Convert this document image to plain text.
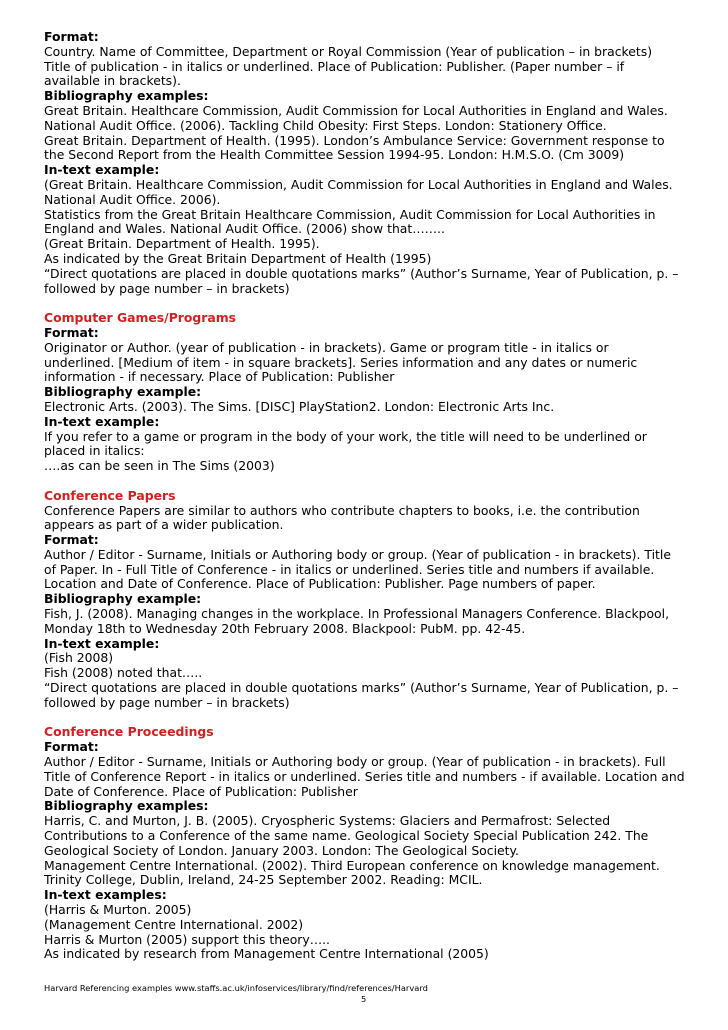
Format:
Country. Name of Committee, Department or Royal Commission (Year of publication – in brackets)
Title of publication - in italics or underlined. Place of Publication: Publisher. (Paper number – if
available in brackets).
Bibliography examples:
Great Britain. Healthcare Commission, Audit Commission for Local Authorities in England and Wales.
National Audit Office. (2006). Tackling Child Obesity: First Steps. London: Stationery Office.
Great Britain. Department of Health. (1995). London’s Ambulance Service: Government response to
the Second Report from the Health Committee Session 1994-95. London: H.M.S.O. (Cm 3009)
In-text example:
(Great Britain. Healthcare Commission, Audit Commission for Local Authorities in England and Wales.
National Audit Office. 2006).
Statistics from the Great Britain Healthcare Commission, Audit Commission for Local Authorities in
England and Wales. National Audit Office. (2006) show that……..
(Great Britain. Department of Health. 1995).
As indicated by the Great Britain Department of Health (1995)
“Direct quotations are placed in double quotations marks” (Author’s Surname, Year of Publication, p. –
followed by page number – in brackets)
Computer Games/Programs
Format:
Originator or Author. (year of publication - in brackets). Game or program title - in italics or
underlined. [Medium of item - in square brackets]. Series information and any dates or numeric
information - if necessary. Place of Publication: Publisher
Bibliography example:
Electronic Arts. (2003). The Sims. [DISC] PlayStation2. London: Electronic Arts Inc.
In-text example:
If you refer to a game or program in the body of your work, the title will need to be underlined or
placed in italics:
….as can be seen in The Sims (2003)
Conference Papers
Conference Papers are similar to authors who contribute chapters to books, i.e. the contribution
appears as part of a wider publication.
Format:
Author / Editor - Surname, Initials or Authoring body or group. (Year of publication - in brackets). Title
of Paper. In - Full Title of Conference - in italics or underlined. Series title and numbers if available.
Location and Date of Conference. Place of Publication: Publisher. Page numbers of paper.
Bibliography example:
Fish, J. (2008). Managing changes in the workplace. In Professional Managers Conference. Blackpool,
Monday 18th to Wednesday 20th February 2008. Blackpool: PubM. pp. 42-45.
In-text example:
(Fish 2008)
Fish (2008) noted that…..
“Direct quotations are placed in double quotations marks” (Author’s Surname, Year of Publication, p. –
followed by page number – in brackets)
Conference Proceedings
Format:
Author / Editor - Surname, Initials or Authoring body or group. (Year of publication - in brackets). Full
Title of Conference Report - in italics or underlined. Series title and numbers - if available. Location and
Date of Conference. Place of Publication: Publisher
Bibliography examples:
Harris, C. and Murton, J. B. (2005). Cryospheric Systems: Glaciers and Permafrost: Selected
Contributions to a Conference of the same name. Geological Society Special Publication 242. The
Geological Society of London. January 2003. London: The Geological Society.
Management Centre International. (2002). Third European conference on knowledge management.
Trinity College, Dublin, Ireland, 24-25 September 2002. Reading: MCIL.
In-text examples:
(Harris & Murton. 2005)
(Management Centre International. 2002)
Harris & Murton (2005) support this theory…..
As indicated by research from Management Centre International (2005)
Harvard Referencing examples www.staffs.ac.uk/infoservices/library/find/references/Harvard
5
